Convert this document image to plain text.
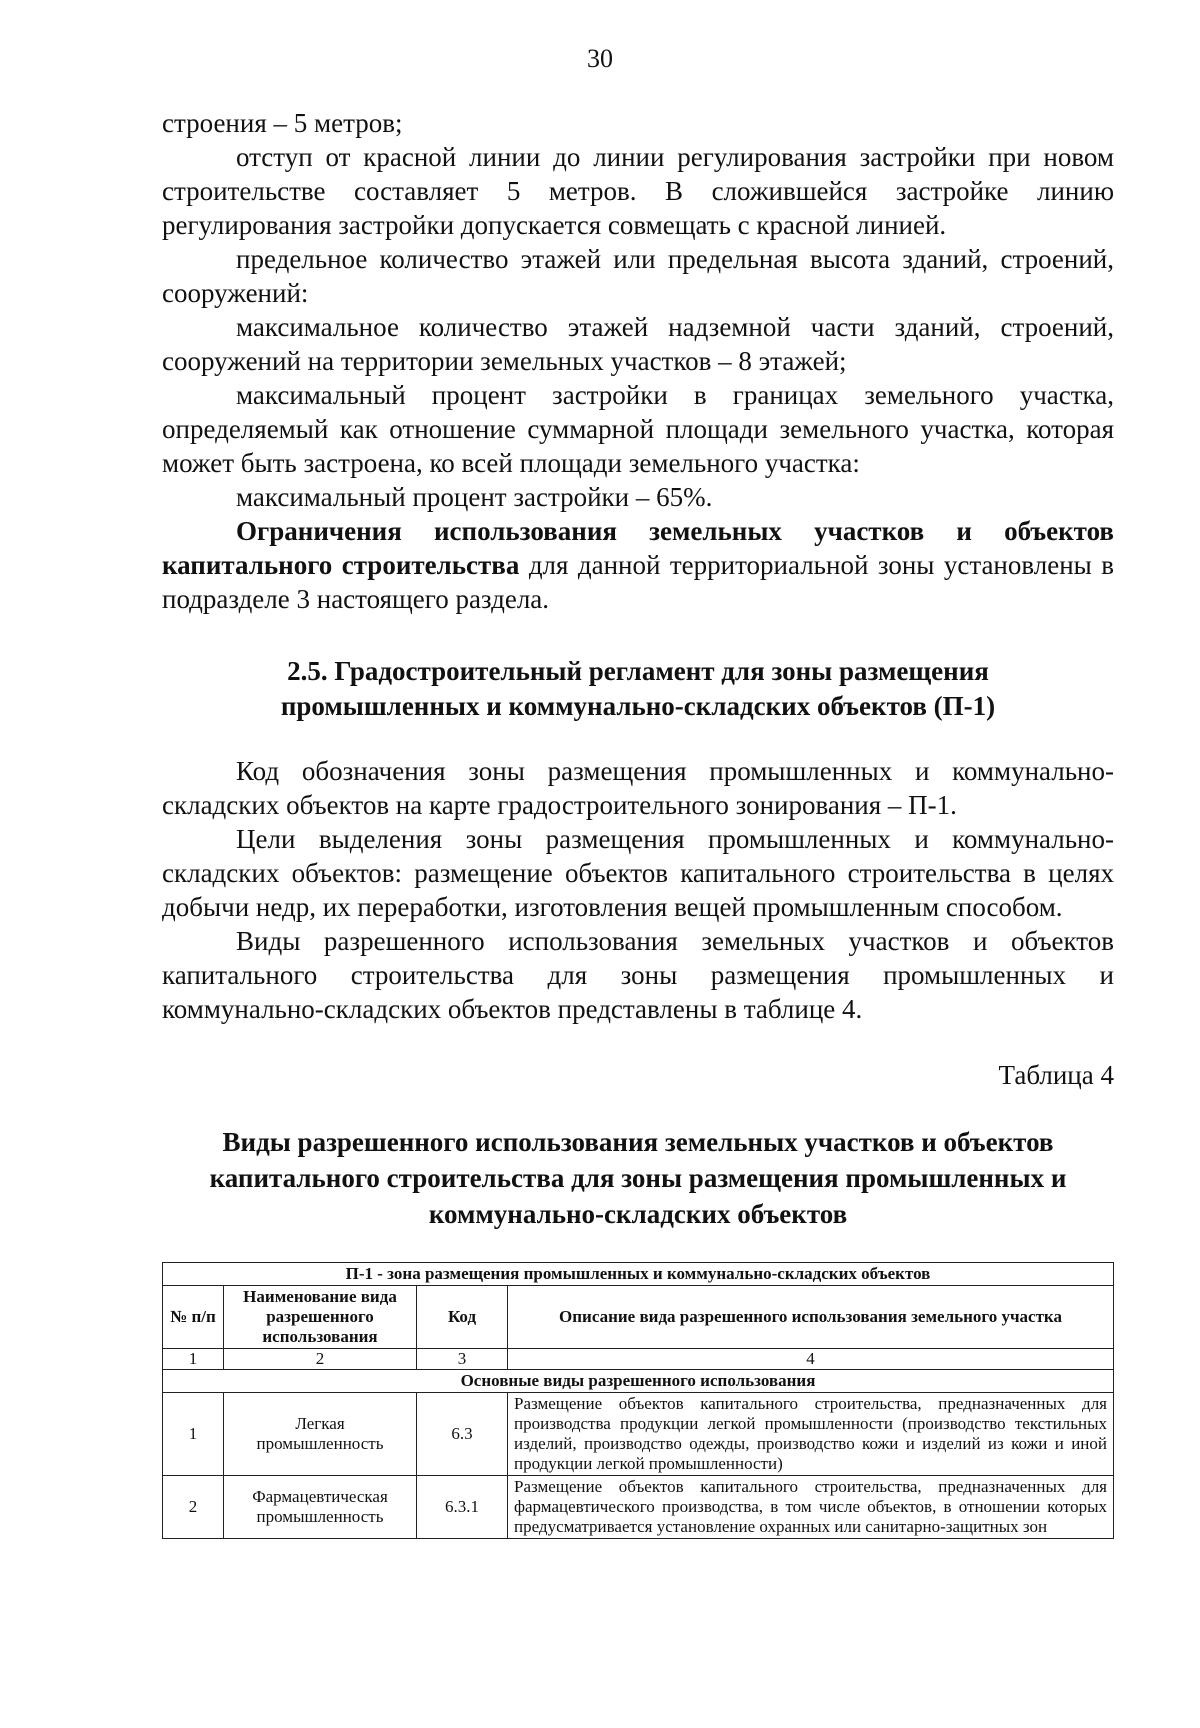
30

строения – 5 метров;

отступ от красной линии до линии регулирования застройки при новом строительстве составляет 5 метров. В сложившейся застройке линию регулирования застройки допускается совмещать с красной линией.

предельное количество этажей или предельная высота зданий, строений, сооружений:

максимальное количество этажей надземной части зданий, строений, сооружений на территории земельных участков – 8 этажей;

максимальный процент застройки в границах земельного участка, определяемый как отношение суммарной площади земельного участка, которая может быть застроена, ко всей площади земельного участка:

максимальный процент застройки – 65%.

Ограничения использования земельных участков и объектов капитального строительства для данной территориальной зоны установлены в подразделе 3 настоящего раздела.

2.5. Градостроительный регламент для зоны размещения
промышленных и коммунально-складских объектов (П-1)

Код обозначения зоны размещения промышленных и коммунально-складских объектов на карте градостроительного зонирования – П-1.

Цели выделения зоны размещения промышленных и коммунально-складских объектов: размещение объектов капитального строительства в целях добычи недр, их переработки, изготовления вещей промышленным способом.

Виды разрешенного использования земельных участков и объектов капитального строительства для зоны размещения промышленных и коммунально-складских объектов представлены в таблице 4.

Таблица 4
Виды разрешенного использования земельных участков и объектов
капитального строительства для зоны размещения промышленных и
коммунально-складских объектов
П-1 - зона размещения промышленных и коммунально-складских объектов			
№ п/п	Наименование вида разрешенного использования	Код	Описание вида разрешенного использования земельного участка
1	2	3	4
Основные виды разрешенного использования			
1	Легкая промышленность	6.3	Размещение объектов капитального строительства, предназначенных для производства продукции легкой промышленности (производство текстильных изделий, производство одежды, производство кожи и изделий из кожи и иной продукции легкой промышленности)
2	Фармацевтическая промышленность	6.3.1	Размещение объектов капитального строительства, предназначенных для фармацевтического производства, в том числе объектов, в отношении которых предусматривается установление охранных или санитарно-защитных зон
